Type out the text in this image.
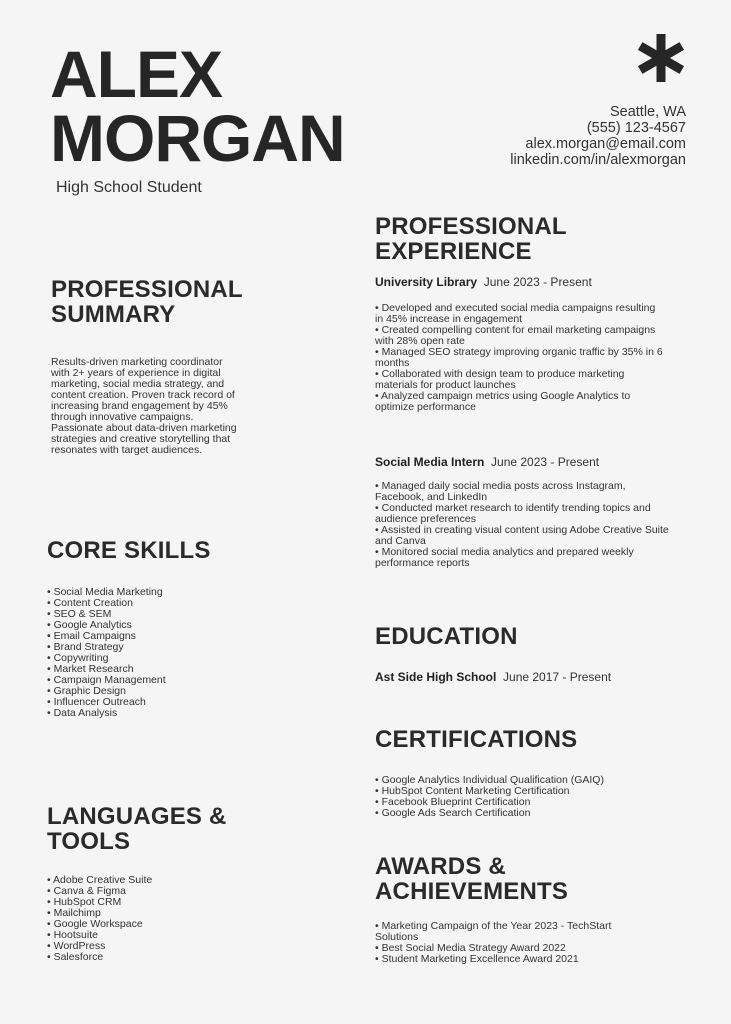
ALEX
MORGAN
High School Student
Seattle, WA
(555) 123-4567
alex.morgan@email.com
linkedin.com/in/alexmorgan
PROFESSIONAL
SUMMARY
Results-driven marketing coordinator
with 2+ years of experience in digital
marketing, social media strategy, and
content creation. Proven track record of
increasing brand engagement by 45%
through innovative campaigns.
Passionate about data-driven marketing
strategies and creative storytelling that
resonates with target audiences.
CORE SKILLS
• Social Media Marketing
• Content Creation
• SEO & SEM
• Google Analytics
• Email Campaigns
• Brand Strategy
• Copywriting
• Market Research
• Campaign Management
• Graphic Design
• Influencer Outreach
• Data Analysis
LANGUAGES &
TOOLS
• Adobe Creative Suite
• Canva & Figma
• HubSpot CRM
• Mailchimp
• Google Workspace
• Hootsuite
• WordPress
• Salesforce
PROFESSIONAL
EXPERIENCE
University Library June 2023 - Present
• Developed and executed social media campaigns resulting in 45% increase in engagement
• Created compelling content for email marketing campaigns with 28% open rate
• Managed SEO strategy improving organic traffic by 35% in 6 months
• Collaborated with design team to produce marketing materials for product launches
• Analyzed campaign metrics using Google Analytics to optimize performance
Social Media Intern June 2023 - Present
• Managed daily social media posts across Instagram, Facebook, and LinkedIn
• Conducted market research to identify trending topics and audience preferences
• Assisted in creating visual content using Adobe Creative Suite and Canva
• Monitored social media analytics and prepared weekly performance reports
EDUCATION
Ast Side High School June 2017 - Present
CERTIFICATIONS
• Google Analytics Individual Qualification (GAIQ)
• HubSpot Content Marketing Certification
• Facebook Blueprint Certification
• Google Ads Search Certification
AWARDS &
ACHIEVEMENTS
• Marketing Campaign of the Year 2023 - TechStart Solutions
• Best Social Media Strategy Award 2022
• Student Marketing Excellence Award 2021
